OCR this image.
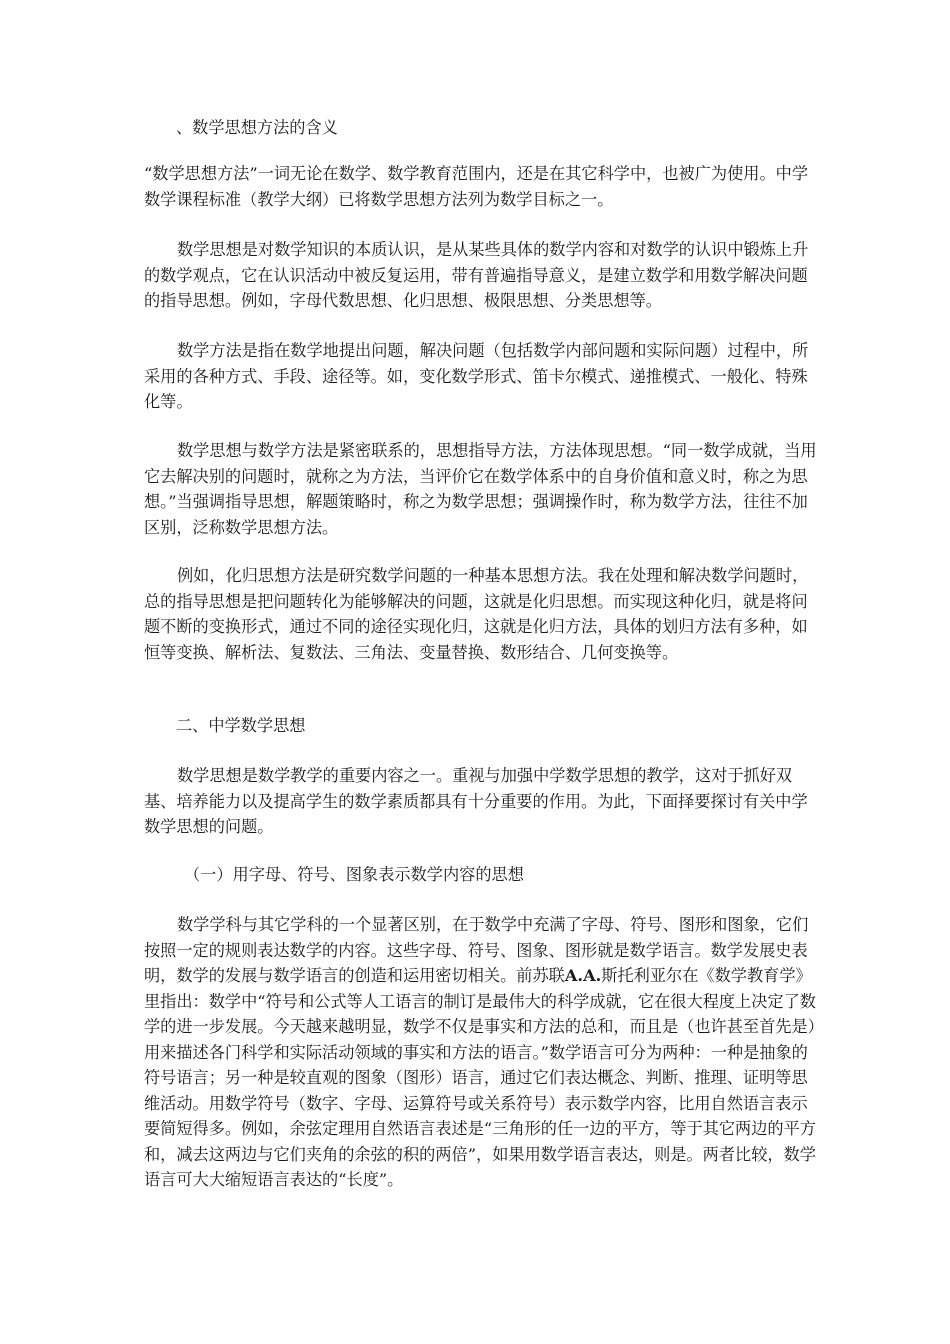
、数学思想方法的含义

“数学思想方法”一词无论在数学、数学教育范围内，还是在其它科学中，也被广为使用。中学数学课程标准（教学大纲）已将数学思想方法列为数学目标之一。

数学思想是对数学知识的本质认识，是从某些具体的数学内容和对数学的认识中锻炼上升的数学观点，它在认识活动中被反复运用，带有普遍指导意义，是建立数学和用数学解决问题的指导思想。例如，字母代数思想、化归思想、极限思想、分类思想等。

数学方法是指在数学地提出问题，解决问题（包括数学内部问题和实际问题）过程中，所采用的各种方式、手段、途径等。如，变化数学形式、笛卡尔模式、递推模式、一般化、特殊化等。

数学思想与数学方法是紧密联系的，思想指导方法，方法体现思想。“同一数学成就，当用它去解决别的问题时，就称之为方法，当评价它在数学体系中的自身价值和意义时，称之为思想。”当强调指导思想，解题策略时，称之为数学思想；强调操作时，称为数学方法，往往不加区别，泛称数学思想方法。

例如，化归思想方法是研究数学问题的一种基本思想方法。我在处理和解决数学问题时，总的指导思想是把问题转化为能够解决的问题，这就是化归思想。而实现这种化归，就是将问题不断的变换形式，通过不同的途径实现化归，这就是化归方法，具体的划归方法有多种，如恒等变换、解析法、复数法、三角法、变量替换、数形结合、几何变换等。

二、中学数学思想

数学思想是数学教学的重要内容之一。重视与加强中学数学思想的教学，这对于抓好双基、培养能力以及提高学生的数学素质都具有十分重要的作用。为此，下面择要探讨有关中学数学思想的问题。

（一）用字母、符号、图象表示数学内容的思想

数学学科与其它学科的一个显著区别，在于数学中充满了字母、符号、图形和图象，它们按照一定的规则表达数学的内容。这些字母、符号、图象、图形就是数学语言。数学发展史表明，数学的发展与数学语言的创造和运用密切相关。前苏联A.A.斯托利亚尔在《数学教育学》里指出：数学中“符号和公式等人工语言的制订是最伟大的科学成就，它在很大程度上决定了数学的进一步发展。今天越来越明显，数学不仅是事实和方法的总和，而且是（也许甚至首先是）用来描述各门科学和实际活动领域的事实和方法的语言。”数学语言可分为两种：一种是抽象的符号语言；另一种是较直观的图象（图形）语言，通过它们表达概念、判断、推理、证明等思维活动。用数学符号（数字、字母、运算符号或关系符号）表示数学内容，比用自然语言表示要简短得多。例如，余弦定理用自然语言表述是“三角形的任一边的平方，等于其它两边的平方和，减去这两边与它们夹角的余弦的积的两倍”，如果用数学语言表达，则是。两者比较，数学语言可大大缩短语言表达的“长度”。
